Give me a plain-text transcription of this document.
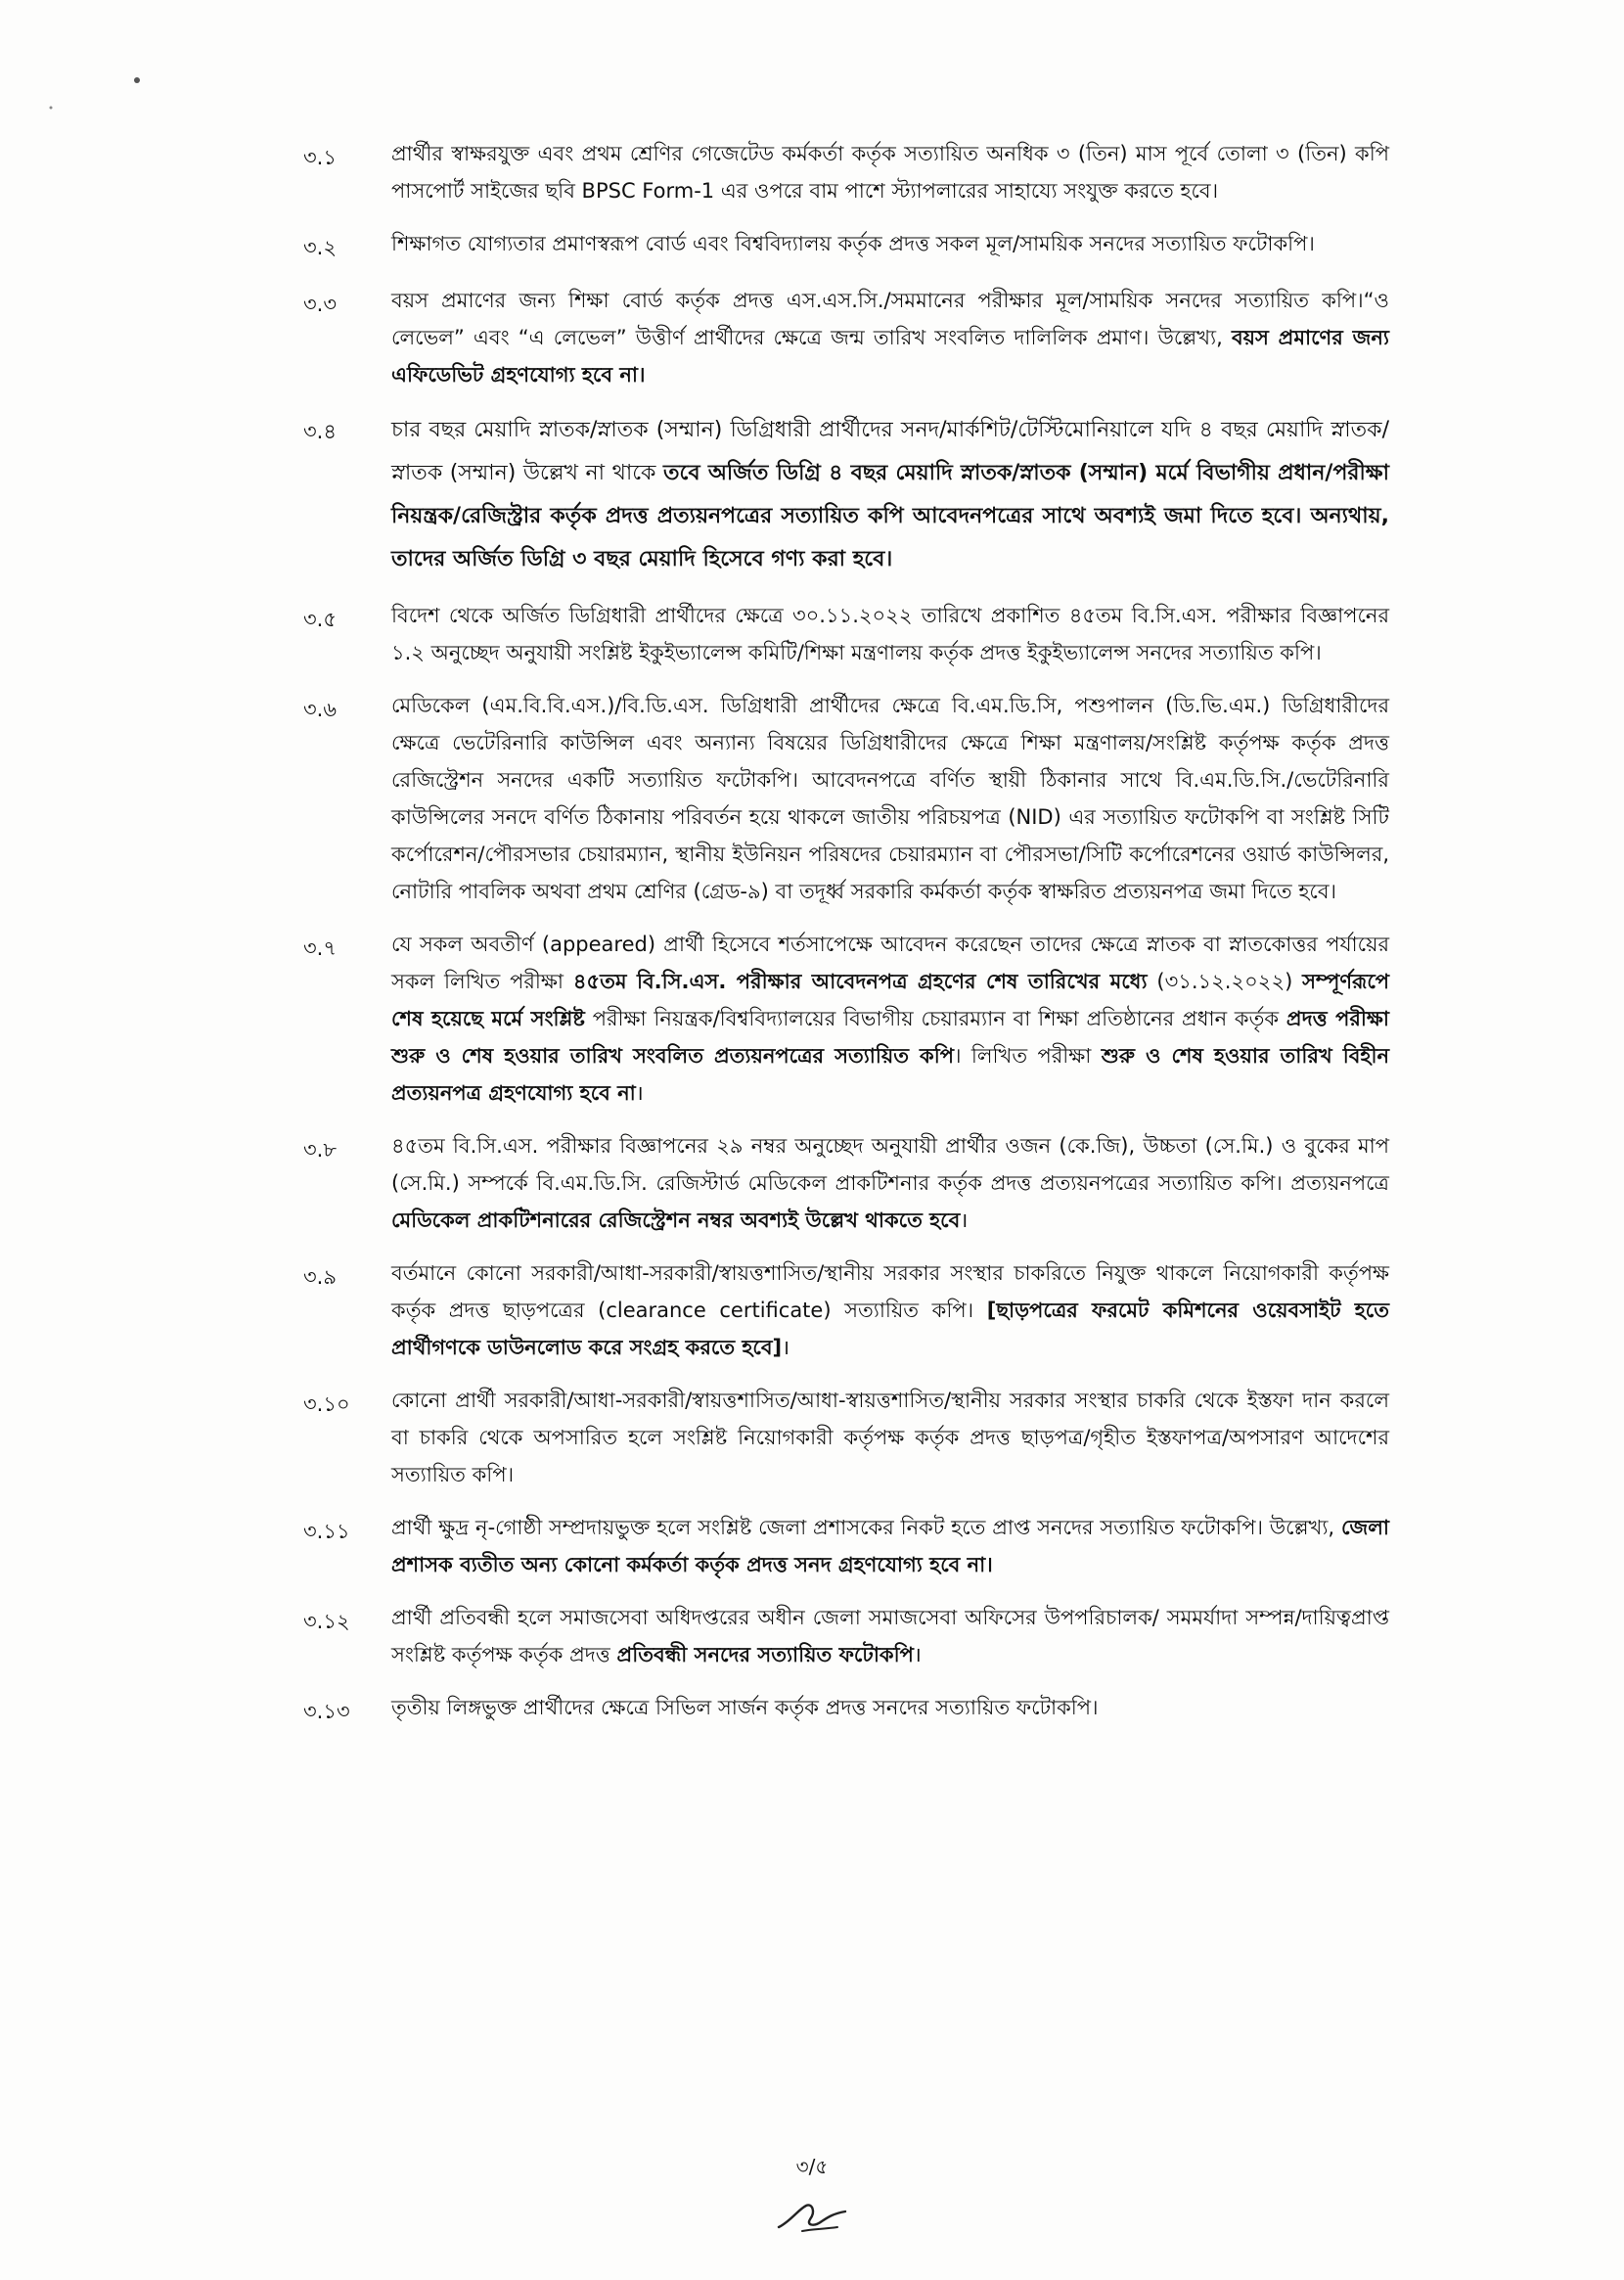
৩.১	প্রার্থীর স্বাক্ষরযুক্ত এবং প্রথম শ্রেণির গেজেটেড কর্মকর্তা কর্তৃক সত্যায়িত অনধিক ৩ (তিন) মাস পূর্বে তোলা ৩ (তিন) কপি পাসপোর্ট সাইজের ছবি BPSC Form-1 এর ওপরে বাম পাশে স্ট্যাপলারের সাহায্যে সংযুক্ত করতে হবে।
৩.২	শিক্ষাগত যোগ্যতার প্রমাণস্বরূপ বোর্ড এবং বিশ্ববিদ্যালয় কর্তৃক প্রদত্ত সকল মূল/সাময়িক সনদের সত্যায়িত ফটোকপি।
৩.৩	বয়স প্রমাণের জন্য শিক্ষা বোর্ড কর্তৃক প্রদত্ত এস.এস.সি./সমমানের পরীক্ষার মূল/সাময়িক সনদের সত্যায়িত কপি।“ও লেভেল” এবং “এ লেভেল” উত্তীর্ণ প্রার্থীদের ক্ষেত্রে জন্ম তারিখ সংবলিত দালিলিক প্রমাণ। উল্লেখ্য, বয়স প্রমাণের জন্য এফিডেভিট গ্রহণযোগ্য হবে না।
৩.৪	চার বছর মেয়াদি স্নাতক/স্নাতক (সম্মান) ডিগ্রিধারী প্রার্থীদের সনদ/মার্কশিট/টেস্টিমোনিয়ালে যদি ৪ বছর মেয়াদি স্নাতক/স্নাতক (সম্মান) উল্লেখ না থাকে তবে অর্জিত ডিগ্রি ৪ বছর মেয়াদি স্নাতক/স্নাতক (সম্মান) মর্মে বিভাগীয় প্রধান/পরীক্ষা নিয়ন্ত্রক/রেজিস্ট্রার কর্তৃক প্রদত্ত প্রত্যয়নপত্রের সত্যায়িত কপি আবেদনপত্রের সাথে অবশ্যই জমা দিতে হবে। অন্যথায়, তাদের অর্জিত ডিগ্রি ৩ বছর মেয়াদি হিসেবে গণ্য করা হবে।
৩.৫	বিদেশ থেকে অর্জিত ডিগ্রিধারী প্রার্থীদের ক্ষেত্রে ৩০.১১.২০২২ তারিখে প্রকাশিত ৪৫তম বি.সি.এস. পরীক্ষার বিজ্ঞাপনের ১.২ অনুচ্ছেদ অনুযায়ী সংশ্লিষ্ট ইকুইভ্যালেন্স কমিটি/শিক্ষা মন্ত্রণালয় কর্তৃক প্রদত্ত ইকুইভ্যালেন্স সনদের সত্যায়িত কপি।
৩.৬	মেডিকেল (এম.বি.বি.এস.)/বি.ডি.এস. ডিগ্রিধারী প্রার্থীদের ক্ষেত্রে বি.এম.ডি.সি, পশুপালন (ডি.ভি.এম.) ডিগ্রিধারীদের ক্ষেত্রে ভেটেরিনারি কাউন্সিল এবং অন্যান্য বিষয়ের ডিগ্রিধারীদের ক্ষেত্রে শিক্ষা মন্ত্রণালয়/সংশ্লিষ্ট কর্তৃপক্ষ কর্তৃক প্রদত্ত রেজিস্ট্রেশন সনদের একটি সত্যায়িত ফটোকপি। আবেদনপত্রে বর্ণিত স্থায়ী ঠিকানার সাথে বি.এম.ডি.সি./ভেটেরিনারি কাউন্সিলের সনদে বর্ণিত ঠিকানায় পরিবর্তন হয়ে থাকলে জাতীয় পরিচয়পত্র (NID) এর সত্যায়িত ফটোকপি বা সংশ্লিষ্ট সিটি কর্পোরেশন/পৌরসভার চেয়ারম্যান, স্থানীয় ইউনিয়ন পরিষদের চেয়ারম্যান বা পৌরসভা/সিটি কর্পোরেশনের ওয়ার্ড কাউন্সিলর, নোটারি পাবলিক অথবা প্রথম শ্রেণির (গ্রেড-৯) বা তদূর্ধ্ব সরকারি কর্মকর্তা কর্তৃক স্বাক্ষরিত প্রত্যয়নপত্র জমা দিতে হবে।
৩.৭	যে সকল অবতীর্ণ (appeared) প্রার্থী হিসেবে শর্তসাপেক্ষে আবেদন করেছেন তাদের ক্ষেত্রে স্নাতক বা স্নাতকোত্তর পর্যায়ের সকল লিখিত পরীক্ষা ৪৫তম বি.সি.এস. পরীক্ষার আবেদনপত্র গ্রহণের শেষ তারিখের মধ্যে (৩১.১২.২০২২) সম্পূর্ণরূপে শেষ হয়েছে মর্মে সংশ্লিষ্ট পরীক্ষা নিয়ন্ত্রক/বিশ্ববিদ্যালয়ের বিভাগীয় চেয়ারম্যান বা শিক্ষা প্রতিষ্ঠানের প্রধান কর্তৃক প্রদত্ত পরীক্ষা শুরু ও শেষ হওয়ার তারিখ সংবলিত প্রত্যয়নপত্রের সত্যায়িত কপি। লিখিত পরীক্ষা শুরু ও শেষ হওয়ার তারিখ বিহীন প্রত্যয়নপত্র গ্রহণযোগ্য হবে না।
৩.৮	৪৫তম বি.সি.এস. পরীক্ষার বিজ্ঞাপনের ২৯ নম্বর অনুচ্ছেদ অনুযায়ী প্রার্থীর ওজন (কে.জি), উচ্চতা (সে.মি.) ও বুকের মাপ (সে.মি.) সম্পর্কে বি.এম.ডি.সি. রেজিস্টার্ড মেডিকেল প্রাকটিশনার কর্তৃক প্রদত্ত প্রত্যয়নপত্রের সত্যায়িত কপি। প্রত্যয়নপত্রে মেডিকেল প্রাকটিশনারের রেজিস্ট্রেশন নম্বর অবশ্যই উল্লেখ থাকতে হবে।
৩.৯	বর্তমানে কোনো সরকারী/আধা-সরকারী/স্বায়ত্তশাসিত/স্থানীয় সরকার সংস্থার চাকরিতে নিযুক্ত থাকলে নিয়োগকারী কর্তৃপক্ষ কর্তৃক প্রদত্ত ছাড়পত্রের (clearance certificate) সত্যায়িত কপি। [ছাড়পত্রের ফরমেট কমিশনের ওয়েবসাইট হতে প্রার্থীগণকে ডাউনলোড করে সংগ্রহ করতে হবে]।
৩.১০	কোনো প্রার্থী সরকারী/আধা-সরকারী/স্বায়ত্তশাসিত/আধা-স্বায়ত্তশাসিত/স্থানীয় সরকার সংস্থার চাকরি থেকে ইস্তফা দান করলে বা চাকরি থেকে অপসারিত হলে সংশ্লিষ্ট নিয়োগকারী কর্তৃপক্ষ কর্তৃক প্রদত্ত ছাড়পত্র/গৃহীত ইস্তফাপত্র/অপসারণ আদেশের সত্যায়িত কপি।
৩.১১	প্রার্থী ক্ষুদ্র নৃ-গোষ্ঠী সম্প্রদায়ভুক্ত হলে সংশ্লিষ্ট জেলা প্রশাসকের নিকট হতে প্রাপ্ত সনদের সত্যায়িত ফটোকপি। উল্লেখ্য, জেলা প্রশাসক ব্যতীত অন্য কোনো কর্মকর্তা কর্তৃক প্রদত্ত সনদ গ্রহণযোগ্য হবে না।
৩.১২	প্রার্থী প্রতিবন্ধী হলে সমাজসেবা অধিদপ্তরের অধীন জেলা সমাজসেবা অফিসের উপপরিচালক/ সমমর্যাদা সম্পন্ন/দায়িত্বপ্রাপ্ত সংশ্লিষ্ট কর্তৃপক্ষ কর্তৃক প্রদত্ত প্রতিবন্ধী সনদের সত্যায়িত ফটোকপি।
৩.১৩	তৃতীয় লিঙ্গভুক্ত প্রার্থীদের ক্ষেত্রে সিভিল সার্জন কর্তৃক প্রদত্ত সনদের সত্যায়িত ফটোকপি।
৩/৫
